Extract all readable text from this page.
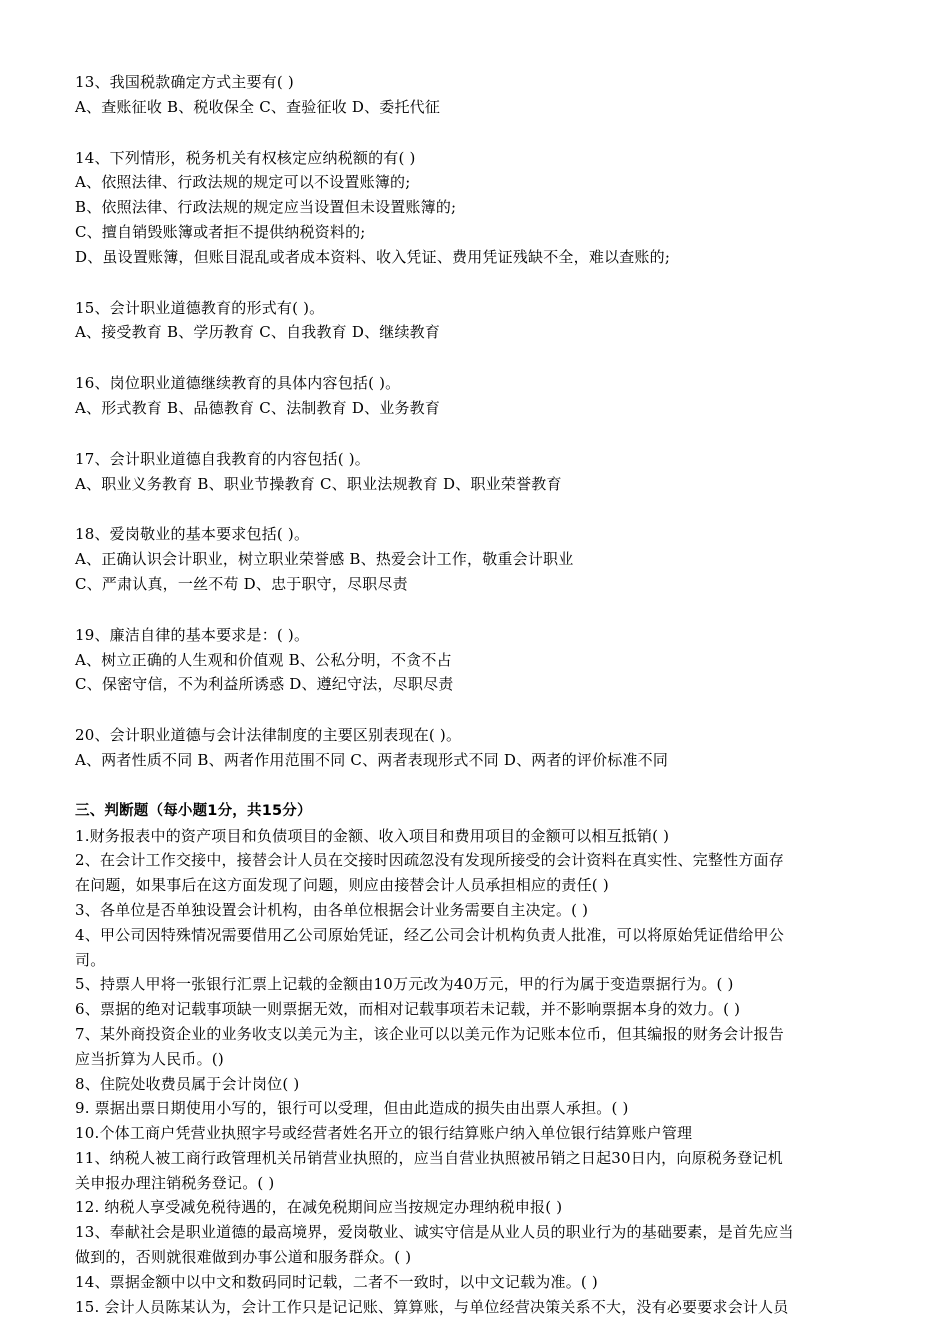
13、我国税款确定方式主要有( )
A、查账征收 B、税收保全 C、查验征收 D、委托代征
14、下列情形，税务机关有权核定应纳税额的有( )
A、依照法律、行政法规的规定可以不设置账簿的;
B、依照法律、行政法规的规定应当设置但未设置账簿的;
C、擅自销毁账簿或者拒不提供纳税资料的;
D、虽设置账簿，但账目混乱或者成本资料、收入凭证、费用凭证残缺不全，难以查账的;
15、会计职业道德教育的形式有( )。
A、接受教育 B、学历教育 C、自我教育 D、继续教育
16、岗位职业道德继续教育的具体内容包括( )。
A、形式教育 B、品德教育 C、法制教育 D、业务教育
17、会计职业道德自我教育的内容包括( )。
A、职业义务教育 B、职业节操教育 C、职业法规教育 D、职业荣誉教育
18、爱岗敬业的基本要求包括( )。
A、正确认识会计职业，树立职业荣誉感 B、热爱会计工作，敬重会计职业
C、严肃认真，一丝不苟 D、忠于职守，尽职尽责
19、廉洁自律的基本要求是：( )。
A、树立正确的人生观和价值观 B、公私分明，不贪不占
C、保密守信，不为利益所诱惑 D、遵纪守法，尽职尽责
20、会计职业道德与会计法律制度的主要区别表现在( )。
A、两者性质不同 B、两者作用范围不同 C、两者表现形式不同 D、两者的评价标准不同
三、判断题（每小题1分，共15分）
1.财务报表中的资产项目和负债项目的金额、收入项目和费用项目的金额可以相互抵销( )
2、在会计工作交接中，接替会计人员在交接时因疏忽没有发现所接受的会计资料在真实性、完整性方面存
在问题，如果事后在这方面发现了问题，则应由接替会计人员承担相应的责任( )
3、各单位是否单独设置会计机构，由各单位根据会计业务需要自主决定。( )
4、甲公司因特殊情况需要借用乙公司原始凭证，经乙公司会计机构负责人批准，可以将原始凭证借给甲公
司。
5、持票人甲将一张银行汇票上记载的金额由10万元改为40万元，甲的行为属于变造票据行为。( )
6、票据的绝对记载事项缺一则票据无效，而相对记载事项若未记载，并不影响票据本身的效力。( )
7、某外商投资企业的业务收支以美元为主，该企业可以以美元作为记账本位币，但其编报的财务会计报告
应当折算为人民币。()
8、住院处收费员属于会计岗位( )
9. 票据出票日期使用小写的，银行可以受理，但由此造成的损失由出票人承担。( )
10.个体工商户凭营业执照字号或经营者姓名开立的银行结算账户纳入单位银行结算账户管理
11、纳税人被工商行政管理机关吊销营业执照的，应当自营业执照被吊销之日起30日内，向原税务登记机
关申报办理注销税务登记。( )
12. 纳税人享受减免税待遇的，在减免税期间应当按规定办理纳税申报( )
13、奉献社会是职业道德的最高境界，爱岗敬业、诚实守信是从业人员的职业行为的基础要素，是首先应当
做到的，否则就很难做到办事公道和服务群众。( )
14、票据金额中以中文和数码同时记载，二者不一致时，以中文记载为准。( )
15. 会计人员陈某认为，会计工作只是记记账、算算账，与单位经营决策关系不大，没有必要要求会计人员
